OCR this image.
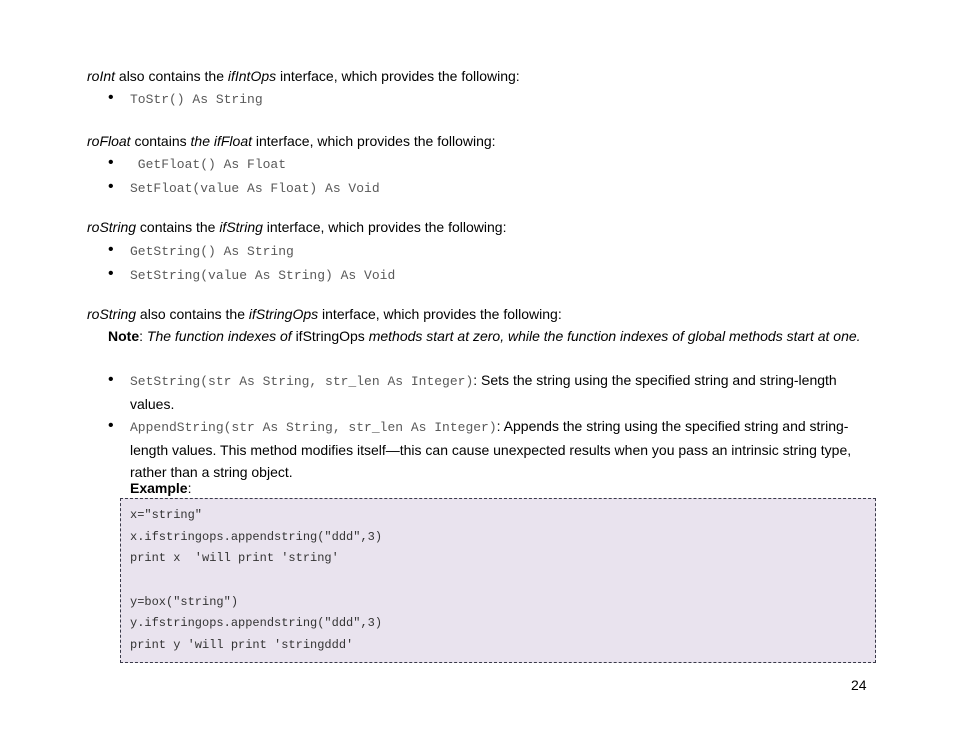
roInt also contains the ifIntOps interface, which provides the following:
• ToStr() As String
roFloat contains the ifFloat interface, which provides the following:
•  GetFloat() As Float
• SetFloat(value As Float) As Void
roString contains the ifString interface, which provides the following:
• GetString() As String
• SetString(value As String) As Void
roString also contains the ifStringOps interface, which provides the following:
Note: The function indexes of ifStringOps methods start at zero, while the function indexes of global methods start at one.
• SetString(str As String, str_len As Integer): Sets the string using the specified string and string-length values.
• AppendString(str As String, str_len As Integer): Appends the string using the specified string and string-length values. This method modifies itself—this can cause unexpected results when you pass an intrinsic string type, rather than a string object.
Example:
x="string"
x.ifstringops.appendstring("ddd",3)
print x  'will print 'string'
y=box("string")
y.ifstringops.appendstring("ddd",3)
print y 'will print 'stringddd'
24
